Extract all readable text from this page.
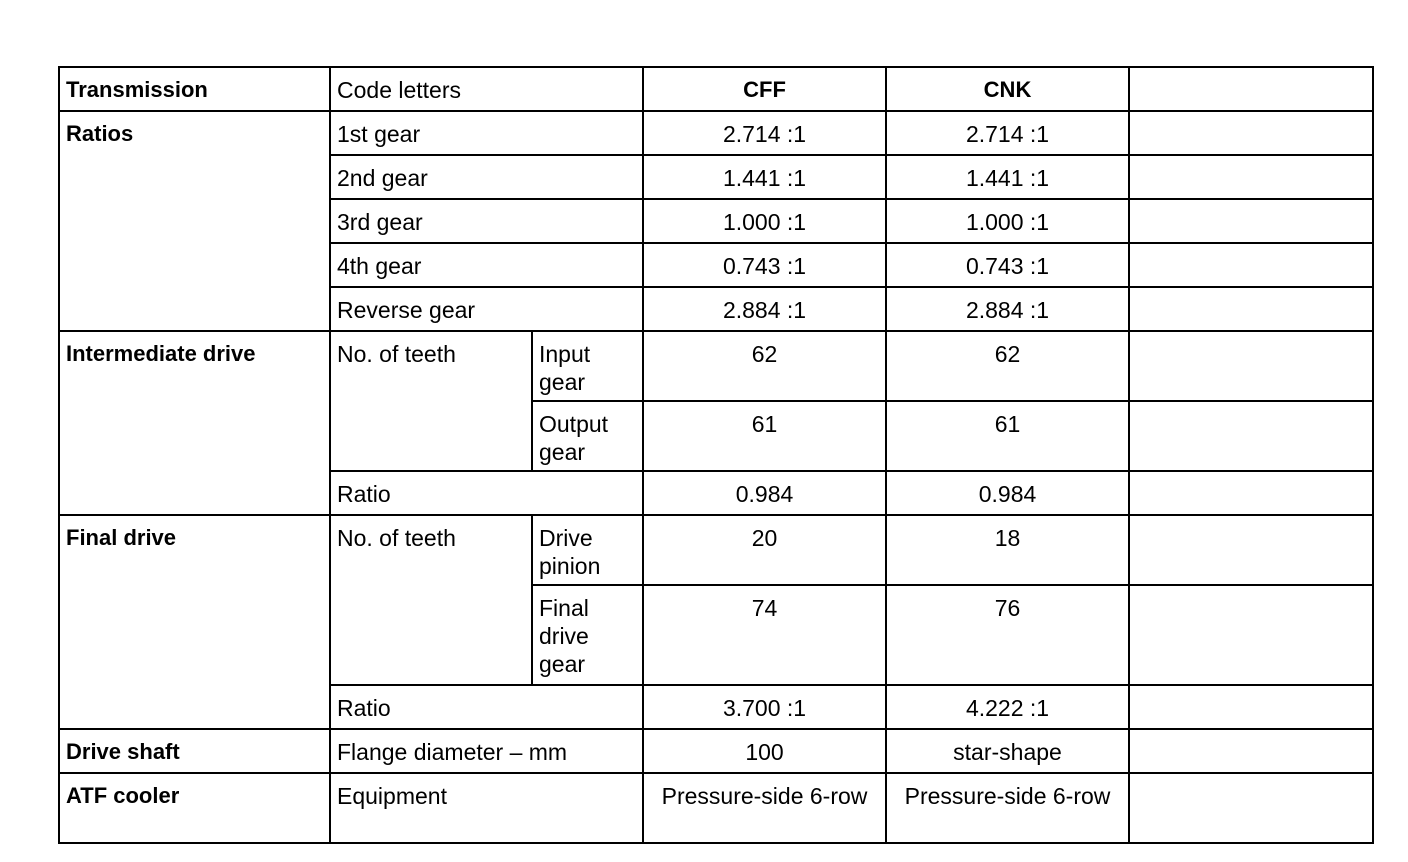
Transmission	Code letters		CFF	CNK	
Ratios	1st gear		2.714 :1	2.714 :1	
	2nd gear		1.441 :1	1.441 :1	
	3rd gear		1.000 :1	1.000 :1	
	4th gear		0.743 :1	0.743 :1	
	Reverse gear		2.884 :1	2.884 :1	
Intermediate drive	No. of teeth	Input gear	62	62	
		Output gear	61	61	
	Ratio		0.984	0.984	
Final drive	No. of teeth	Drive pinion	20	18	
		Final drive gear	74	76	
	Ratio		3.700 :1	4.222 :1	
Drive shaft	Flange diameter – mm		100	star-shape	
ATF cooler	Equipment		Pressure-side 6-row	Pressure-side 6-row	
